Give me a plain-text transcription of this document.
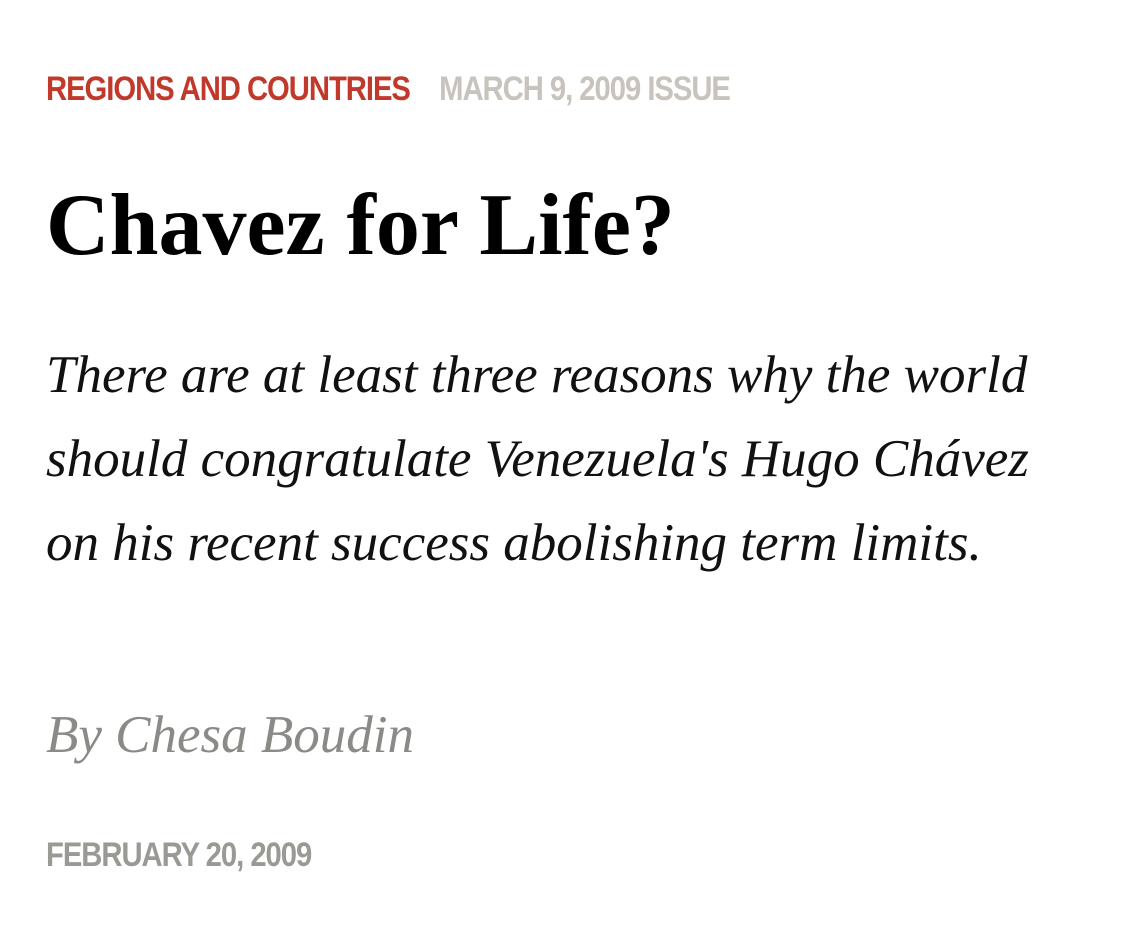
REGIONS AND COUNTRIES MARCH 9, 2009 ISSUE
Chavez for Life?

There are at least three reasons why the world should congratulate Venezuela's Hugo Chávez on his recent success abolishing term limits.

By Chesa Boudin
FEBRUARY 20, 2009
